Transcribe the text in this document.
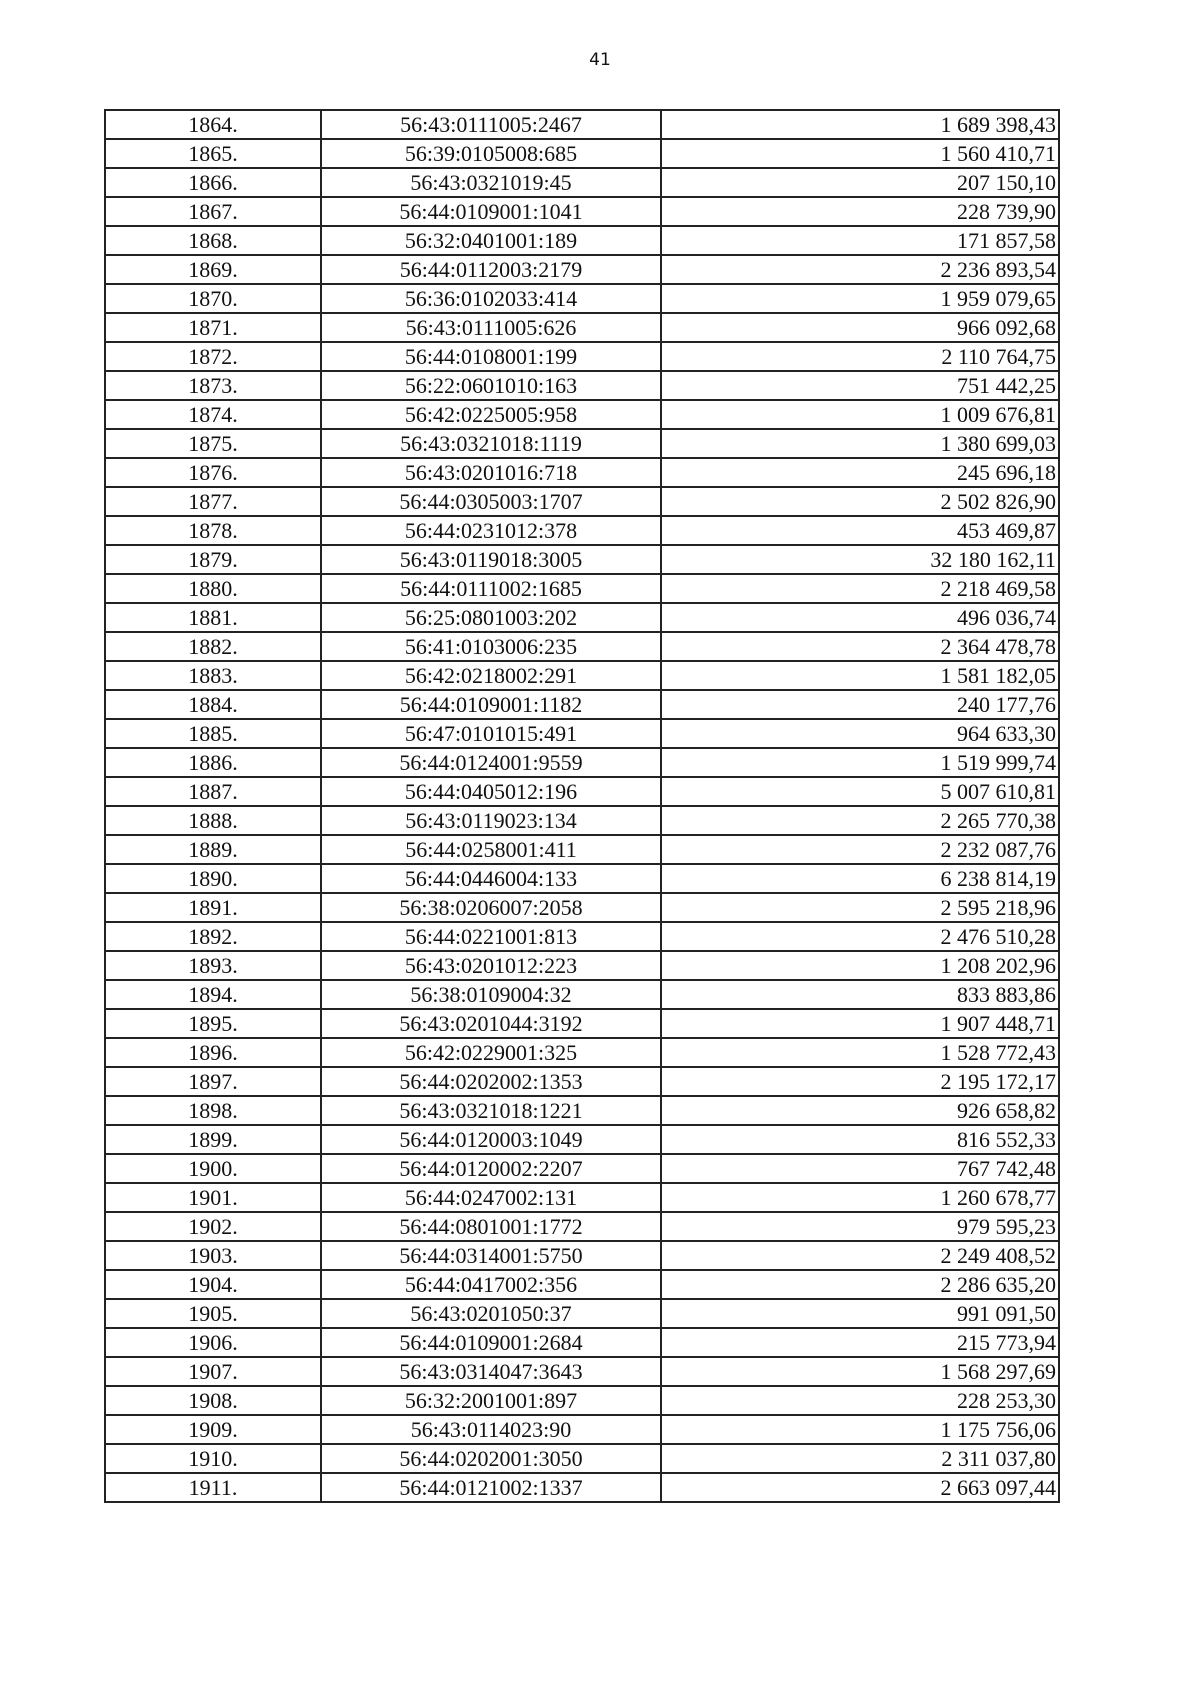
41
1864.	56:43:0111005:2467	1 689 398,43
1865.	56:39:0105008:685	1 560 410,71
1866.	56:43:0321019:45	207 150,10
1867.	56:44:0109001:1041	228 739,90
1868.	56:32:0401001:189	171 857,58
1869.	56:44:0112003:2179	2 236 893,54
1870.	56:36:0102033:414	1 959 079,65
1871.	56:43:0111005:626	966 092,68
1872.	56:44:0108001:199	2 110 764,75
1873.	56:22:0601010:163	751 442,25
1874.	56:42:0225005:958	1 009 676,81
1875.	56:43:0321018:1119	1 380 699,03
1876.	56:43:0201016:718	245 696,18
1877.	56:44:0305003:1707	2 502 826,90
1878.	56:44:0231012:378	453 469,87
1879.	56:43:0119018:3005	32 180 162,11
1880.	56:44:0111002:1685	2 218 469,58
1881.	56:25:0801003:202	496 036,74
1882.	56:41:0103006:235	2 364 478,78
1883.	56:42:0218002:291	1 581 182,05
1884.	56:44:0109001:1182	240 177,76
1885.	56:47:0101015:491	964 633,30
1886.	56:44:0124001:9559	1 519 999,74
1887.	56:44:0405012:196	5 007 610,81
1888.	56:43:0119023:134	2 265 770,38
1889.	56:44:0258001:411	2 232 087,76
1890.	56:44:0446004:133	6 238 814,19
1891.	56:38:0206007:2058	2 595 218,96
1892.	56:44:0221001:813	2 476 510,28
1893.	56:43:0201012:223	1 208 202,96
1894.	56:38:0109004:32	833 883,86
1895.	56:43:0201044:3192	1 907 448,71
1896.	56:42:0229001:325	1 528 772,43
1897.	56:44:0202002:1353	2 195 172,17
1898.	56:43:0321018:1221	926 658,82
1899.	56:44:0120003:1049	816 552,33
1900.	56:44:0120002:2207	767 742,48
1901.	56:44:0247002:131	1 260 678,77
1902.	56:44:0801001:1772	979 595,23
1903.	56:44:0314001:5750	2 249 408,52
1904.	56:44:0417002:356	2 286 635,20
1905.	56:43:0201050:37	991 091,50
1906.	56:44:0109001:2684	215 773,94
1907.	56:43:0314047:3643	1 568 297,69
1908.	56:32:2001001:897	228 253,30
1909.	56:43:0114023:90	1 175 756,06
1910.	56:44:0202001:3050	2 311 037,80
1911.	56:44:0121002:1337	2 663 097,44
